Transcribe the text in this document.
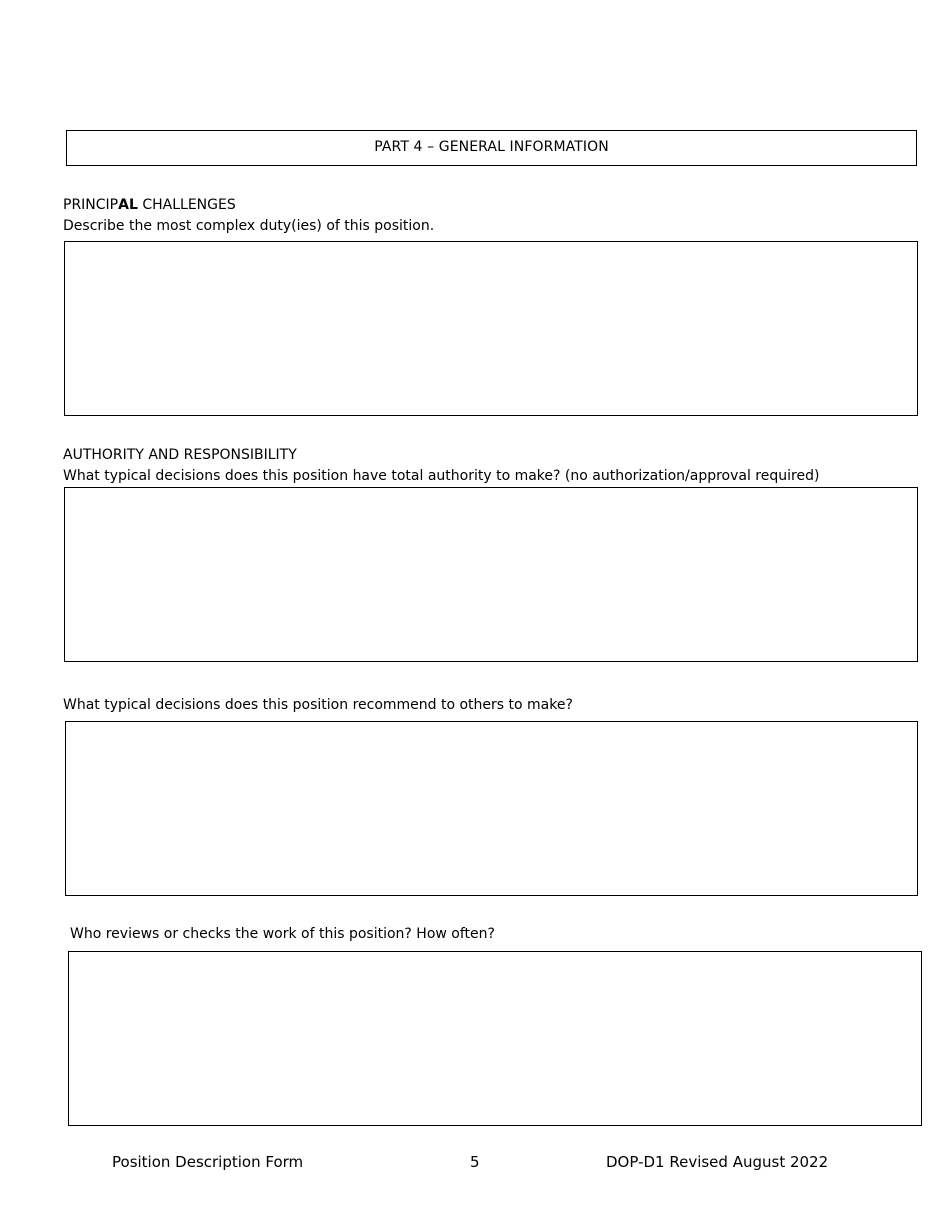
PART 4 – GENERAL INFORMATION
PRINCIPAL CHALLENGES
Describe the most complex duty(ies) of this position.
AUTHORITY AND RESPONSIBILITY
What typical decisions does this position have total authority to make? (no authorization/approval required)
What typical decisions does this position recommend to others to make?
Who reviews or checks the work of this position? How often?
Position Description Form	5	DOP-D1 Revised August 2022
